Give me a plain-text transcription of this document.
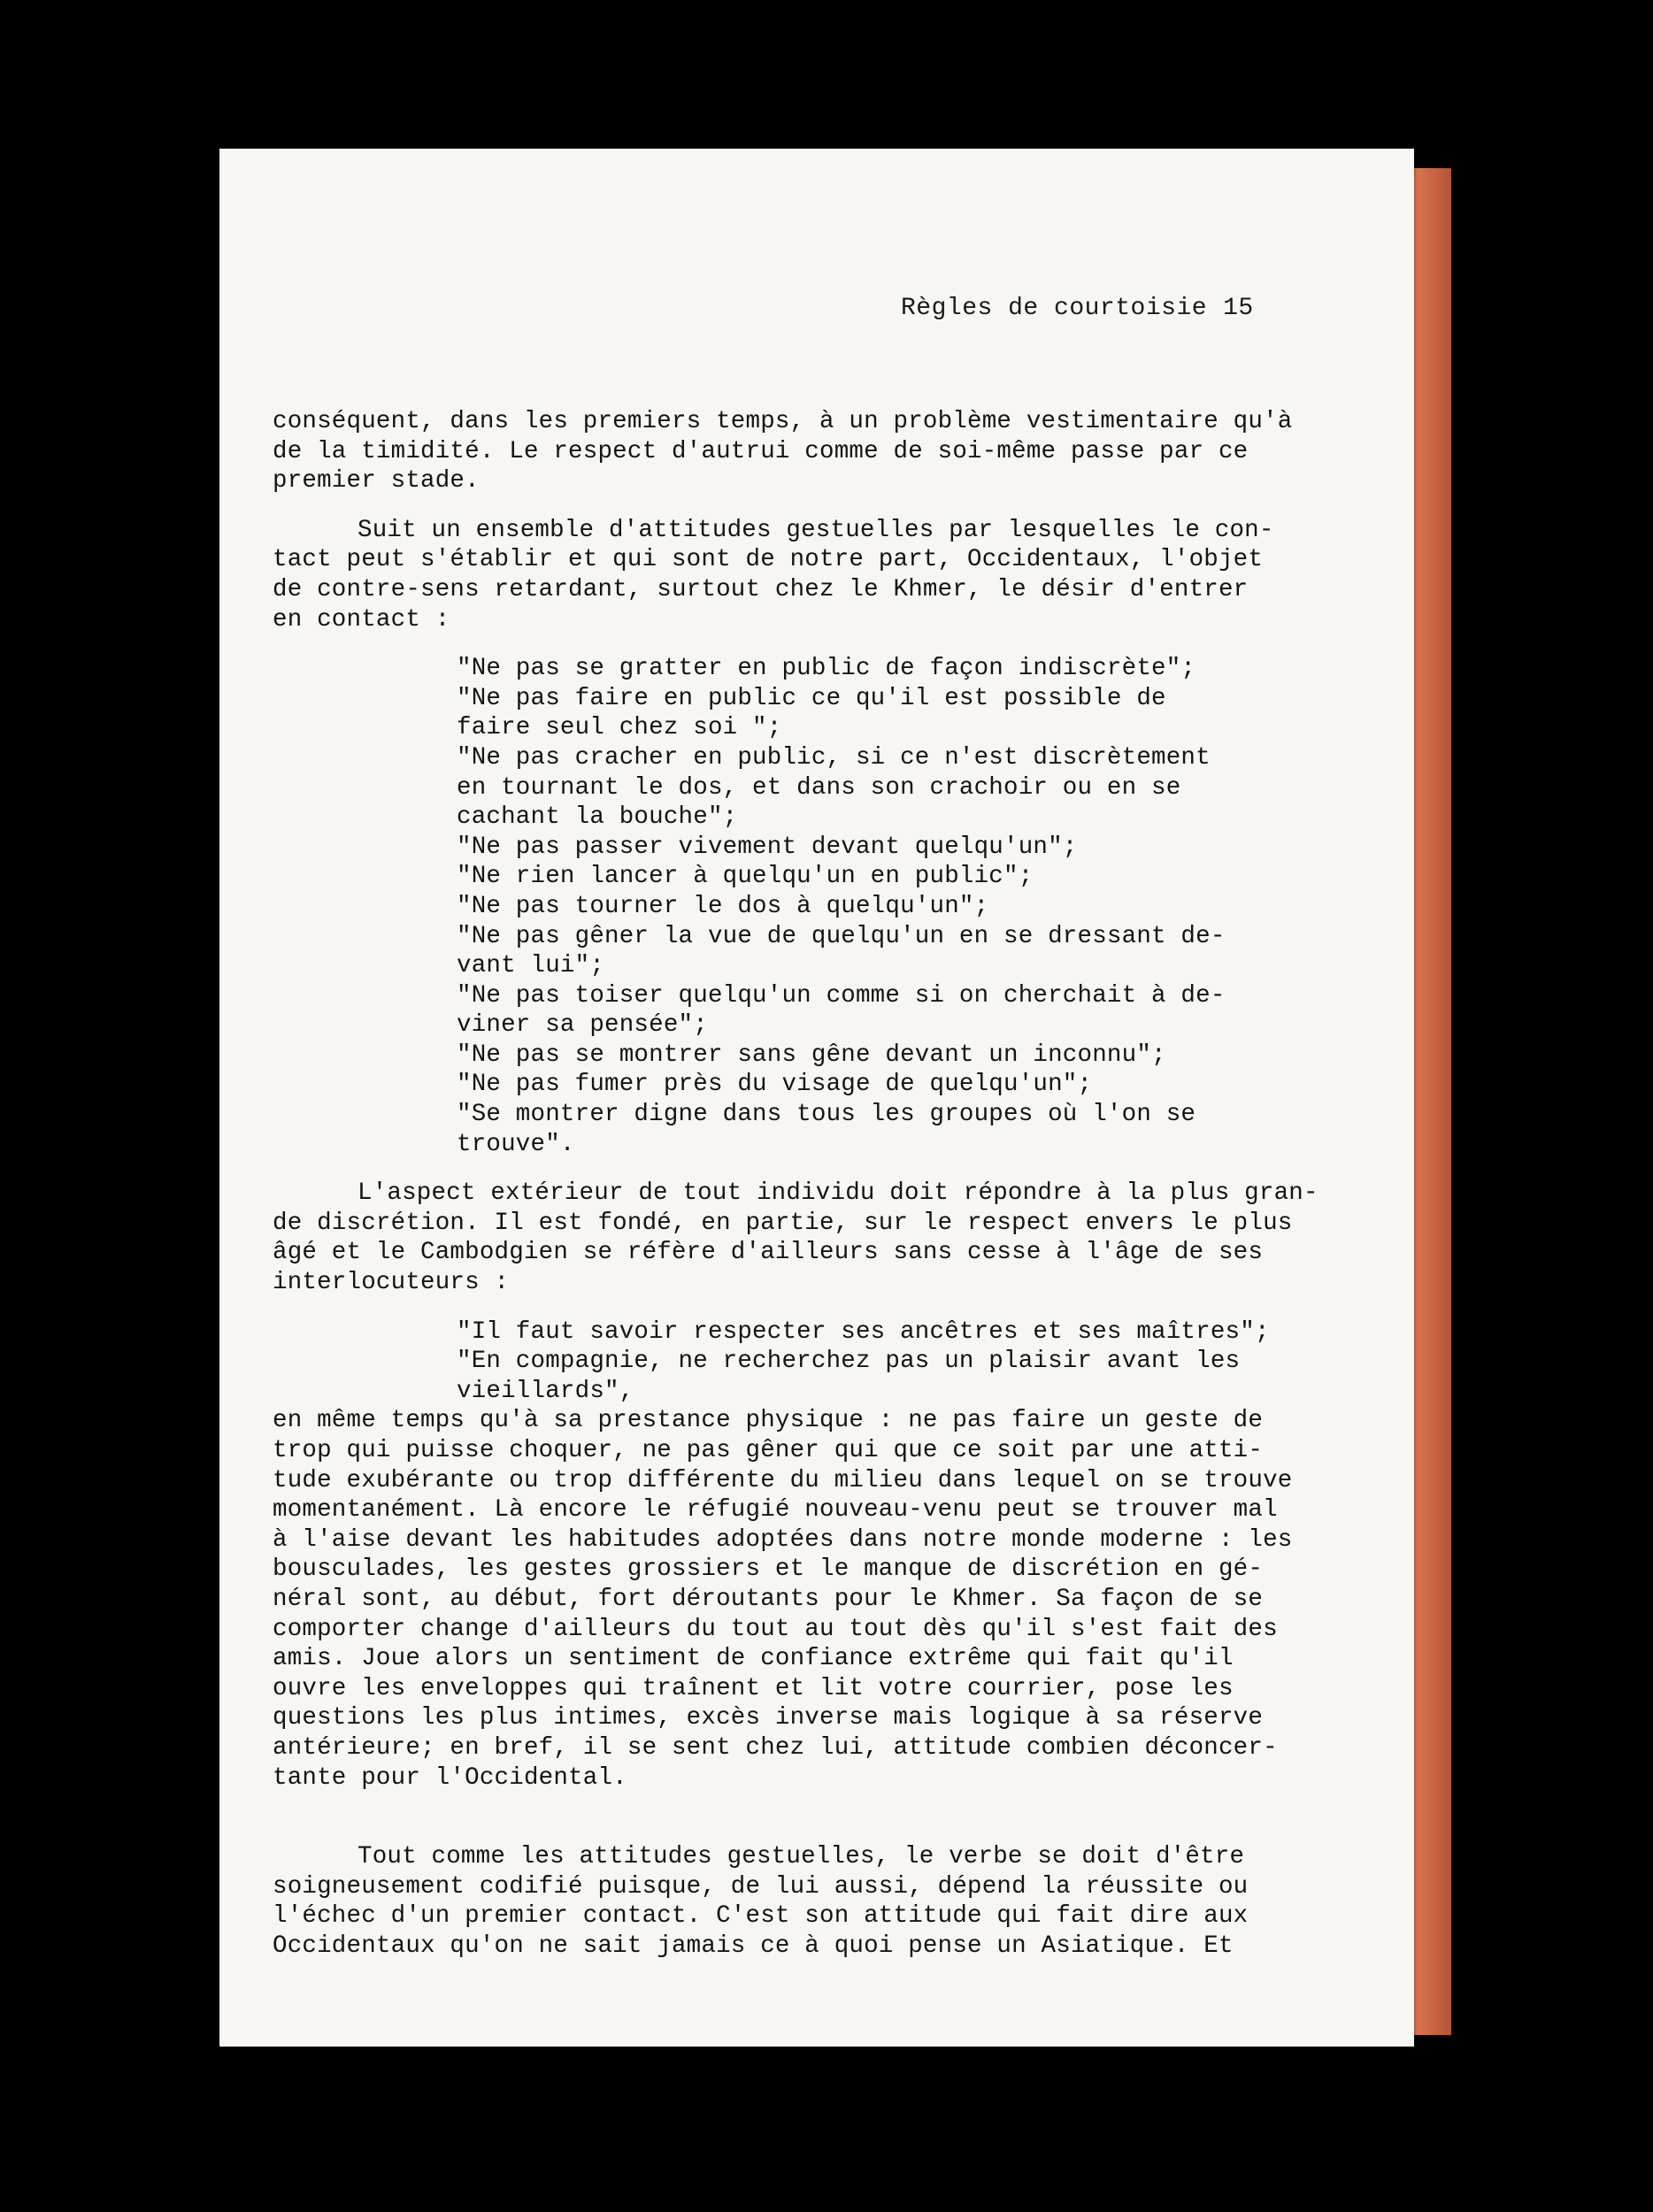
Règles de courtoisie 15
conséquent, dans les premiers temps, à un problème vestimentaire qu'à
de la timidité. Le respect d'autrui comme de soi-même passe par ce
premier stade.
Suit un ensemble d'attitudes gestuelles par lesquelles le con-
tact peut s'établir et qui sont de notre part, Occidentaux, l'objet
de contre-sens retardant, surtout chez le Khmer, le désir d'entrer
en contact :
"Ne pas se gratter en public de façon indiscrète";
"Ne pas faire en public ce qu'il est possible de
faire seul chez soi ";
"Ne pas cracher en public, si ce n'est discrètement
en tournant le dos, et dans son crachoir ou en se
cachant la bouche";
"Ne pas passer vivement devant quelqu'un";
"Ne rien lancer à quelqu'un en public";
"Ne pas tourner le dos à quelqu'un";
"Ne pas gêner la vue de quelqu'un en se dressant de-
vant lui";
"Ne pas toiser quelqu'un comme si on cherchait à de-
viner sa pensée";
"Ne pas se montrer sans gêne devant un inconnu";
"Ne pas fumer près du visage de quelqu'un";
"Se montrer digne dans tous les groupes où l'on se
trouve".
L'aspect extérieur de tout individu doit répondre à la plus gran-
de discrétion. Il est fondé, en partie, sur le respect envers le plus
âgé et le Cambodgien se réfère d'ailleurs sans cesse à l'âge de ses
interlocuteurs :
"Il faut savoir respecter ses ancêtres et ses maîtres";
"En compagnie, ne recherchez pas un plaisir avant les
vieillards",
en même temps qu'à sa prestance physique : ne pas faire un geste de
trop qui puisse choquer, ne pas gêner qui que ce soit par une atti-
tude exubérante ou trop différente du milieu dans lequel on se trouve
momentanément. Là encore le réfugié nouveau-venu peut se trouver mal
à l'aise devant les habitudes adoptées dans notre monde moderne : les
bousculades, les gestes grossiers et le manque de discrétion en gé-
néral sont, au début, fort déroutants pour le Khmer. Sa façon de se
comporter change d'ailleurs du tout au tout dès qu'il s'est fait des
amis. Joue alors un sentiment de confiance extrême qui fait qu'il
ouvre les enveloppes qui traînent et lit votre courrier, pose les
questions les plus intimes, excès inverse mais logique à sa réserve
antérieure; en bref, il se sent chez lui, attitude combien déconcer-
tante pour l'Occidental.
Tout comme les attitudes gestuelles, le verbe se doit d'être
soigneusement codifié puisque, de lui aussi, dépend la réussite ou
l'échec d'un premier contact. C'est son attitude qui fait dire aux
Occidentaux qu'on ne sait jamais ce à quoi pense un Asiatique. Et
